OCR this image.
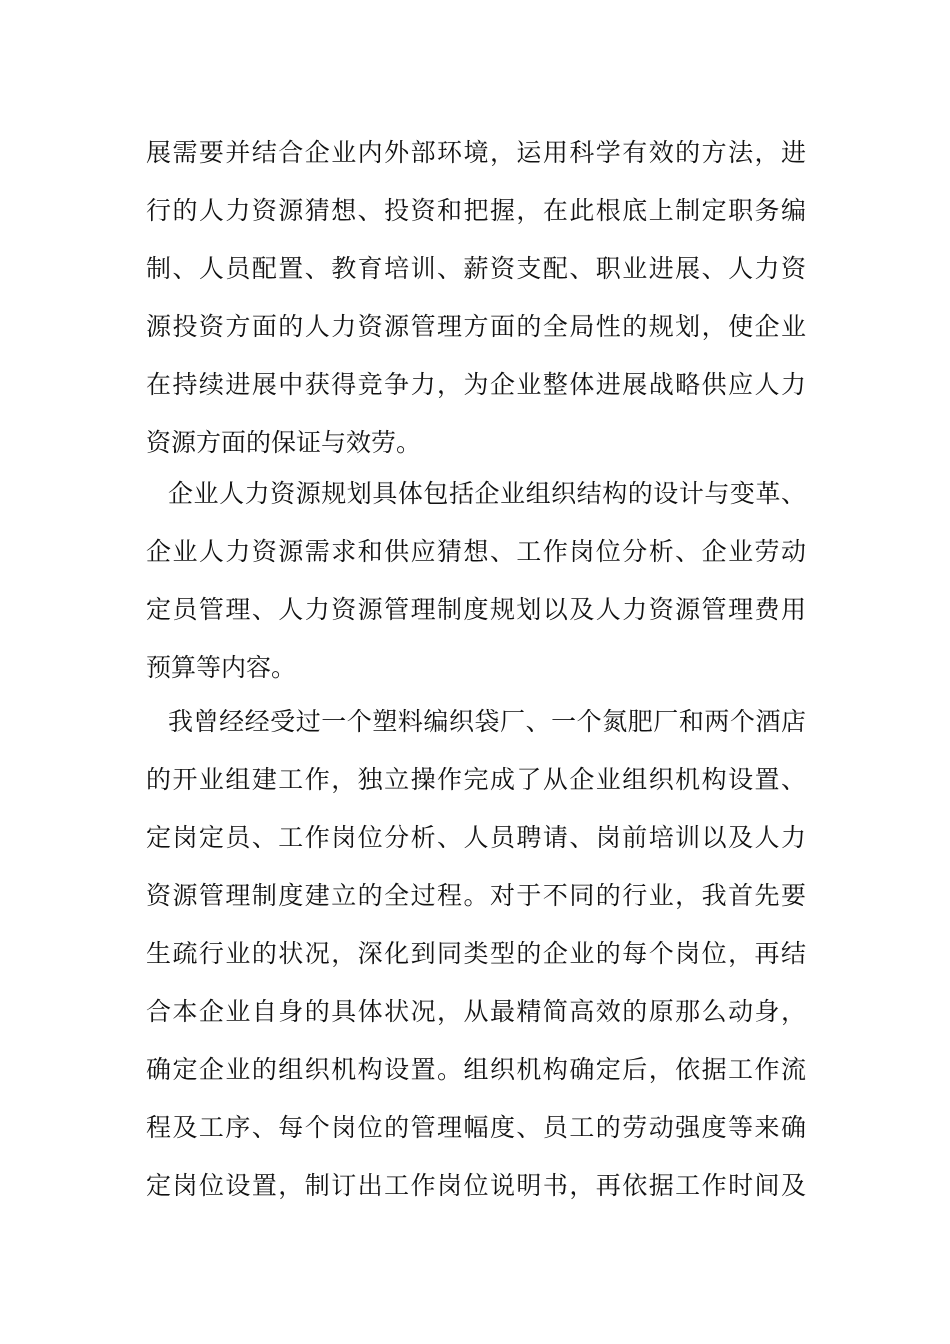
展需要并结合企业内外部环境，运用科学有效的方法，进
行的人力资源猜想、投资和把握，在此根底上制定职务编
制、人员配置、教育培训、薪资支配、职业进展、人力资
源投资方面的人力资源管理方面的全局性的规划，使企业
在持续进展中获得竞争力，为企业整体进展战略供应人力
资源方面的保证与效劳。
企业人力资源规划具体包括企业组织结构的设计与变革、
企业人力资源需求和供应猜想、工作岗位分析、企业劳动
定员管理、人力资源管理制度规划以及人力资源管理费用
预算等内容。
我曾经经受过一个塑料编织袋厂、一个氮肥厂和两个酒店
的开业组建工作，独立操作完成了从企业组织机构设置、
定岗定员、工作岗位分析、人员聘请、岗前培训以及人力
资源管理制度建立的全过程。对于不同的行业，我首先要
生疏行业的状况，深化到同类型的企业的每个岗位，再结
合本企业自身的具体状况，从最精简高效的原那么动身，
确定企业的组织机构设置。组织机构确定后，依据工作流
程及工序、每个岗位的管理幅度、员工的劳动强度等来确
定岗位设置，制订出工作岗位说明书，再依据工作时间及
